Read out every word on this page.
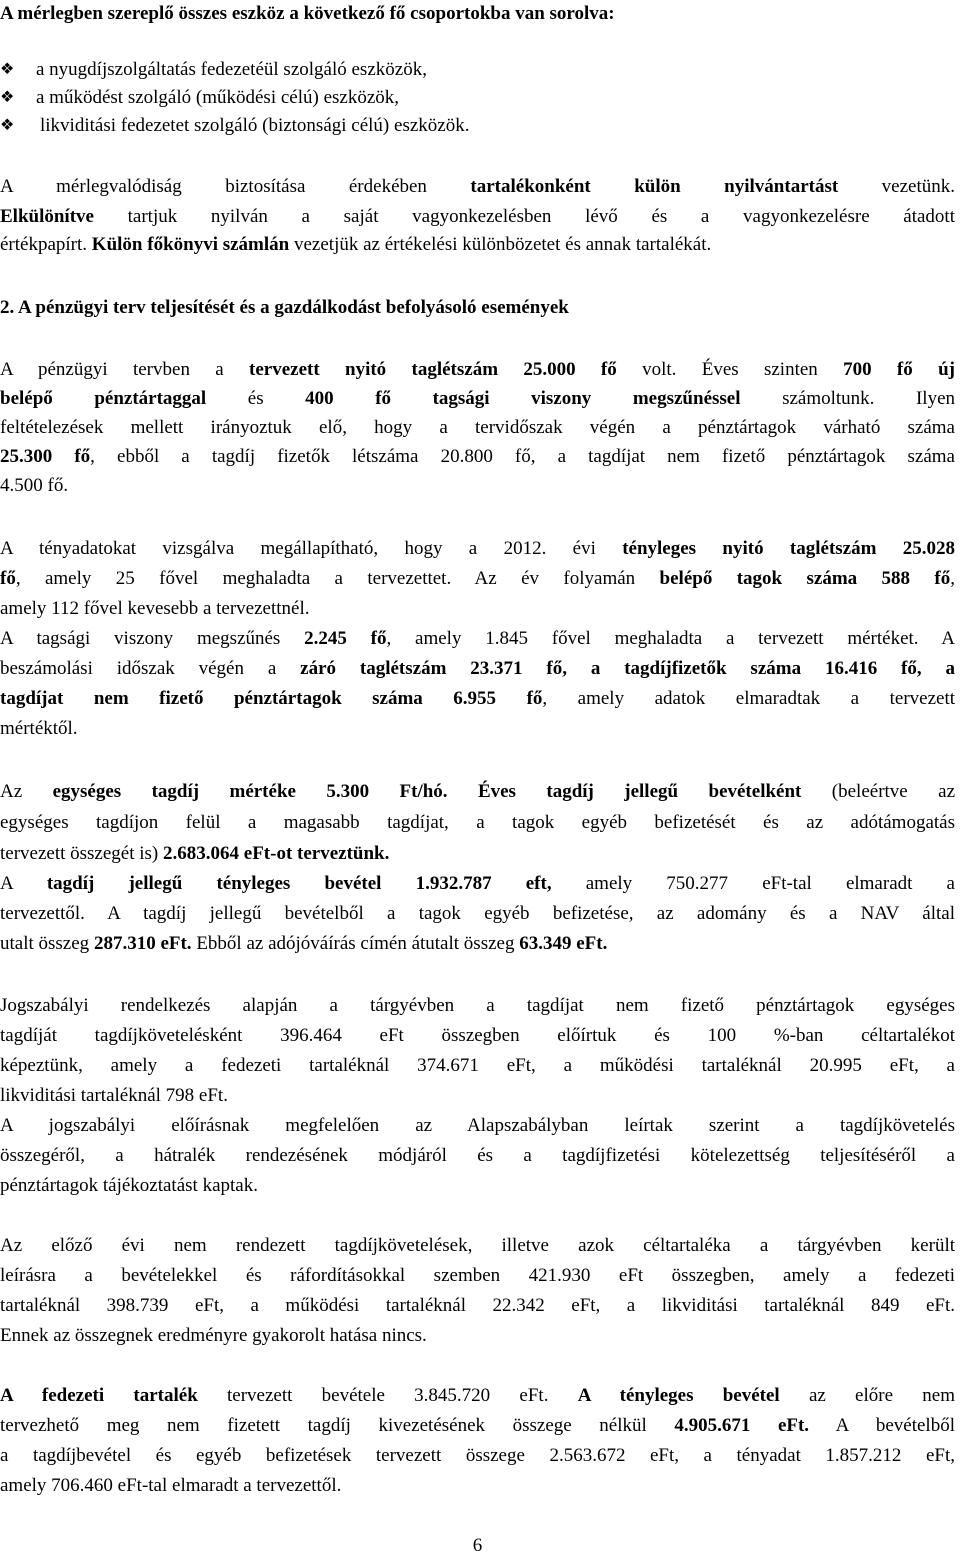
A mérlegben szereplő összes eszköz a következő fő csoportokba van sorolva:
❖ a nyugdíjszolgáltatás fedezetéül szolgáló eszközök,
❖ a működést szolgáló (működési célú) eszközök,
❖ likviditási fedezetet szolgáló (biztonsági célú) eszközök.
A mérlegvalódiság biztosítása érdekében tartalékonként külön nyilvántartást vezetünk.
Elkülönítve tartjuk nyilván a saját vagyonkezelésben lévő és a vagyonkezelésre átadott
értékpapírt. Külön főkönyvi számlán vezetjük az értékelési különbözetet és annak tartalékát.
2. A pénzügyi terv teljesítését és a gazdálkodást befolyásoló események
A pénzügyi tervben a tervezett nyitó taglétszám 25.000 fő volt. Éves szinten 700 fő új
belépő pénztártaggal és 400 fő tagsági viszony megszűnéssel számoltunk. Ilyen
feltételezések mellett irányoztuk elő, hogy a tervidőszak végén a pénztártagok várható száma
25.300 fő, ebből a tagdíj fizetők létszáma 20.800 fő, a tagdíjat nem fizető pénztártagok száma
4.500 fő.
A tényadatokat vizsgálva megállapítható, hogy a 2012. évi tényleges nyitó taglétszám 25.028
fő, amely 25 fővel meghaladta a tervezettet. Az év folyamán belépő tagok száma 588 fő,
amely 112 fővel kevesebb a tervezettnél.
A tagsági viszony megszűnés 2.245 fő, amely 1.845 fővel meghaladta a tervezett mértéket. A
beszámolási időszak végén a záró taglétszám 23.371 fő, a tagdíjfizetők száma 16.416 fő, a
tagdíjat nem fizető pénztártagok száma 6.955 fő, amely adatok elmaradtak a tervezett
mértéktől.
Az egységes tagdíj mértéke 5.300 Ft/hó. Éves tagdíj jellegű bevételként (beleértve az
egységes tagdíjon felül a magasabb tagdíjat, a tagok egyéb befizetését és az adótámogatás
tervezett összegét is) 2.683.064 eFt-ot terveztünk.
A tagdíj jellegű tényleges bevétel 1.932.787 eft, amely 750.277 eFt-tal elmaradt a
tervezettől. A tagdíj jellegű bevételből a tagok egyéb befizetése, az adomány és a NAV által
utalt összeg 287.310 eFt. Ebből az adójóváírás címén átutalt összeg 63.349 eFt.
Jogszabályi rendelkezés alapján a tárgyévben a tagdíjat nem fizető pénztártagok egységes
tagdíját tagdíjkövetelésként 396.464 eFt összegben előírtuk és 100 %-ban céltartalékot
képeztünk, amely a fedezeti tartaléknál 374.671 eFt, a működési tartaléknál 20.995 eFt, a
likviditási tartaléknál 798 eFt.
A jogszabályi előírásnak megfelelően az Alapszabályban leírtak szerint a tagdíjkövetelés
összegéről, a hátralék rendezésének módjáról és a tagdíjfizetési kötelezettség teljesítéséről a
pénztártagok tájékoztatást kaptak.
Az előző évi nem rendezett tagdíjkövetelések, illetve azok céltartaléka a tárgyévben került
leírásra a bevételekkel és ráfordításokkal szemben 421.930 eFt összegben, amely a fedezeti
tartaléknál 398.739 eFt, a működési tartaléknál 22.342 eFt, a likviditási tartaléknál 849 eFt.
Ennek az összegnek eredményre gyakorolt hatása nincs.
A fedezeti tartalék tervezett bevétele 3.845.720 eFt. A tényleges bevétel az előre nem
tervezhető meg nem fizetett tagdíj kivezetésének összege nélkül 4.905.671 eFt. A bevételből
a tagdíjbevétel és egyéb befizetések tervezett összege 2.563.672 eFt, a tényadat 1.857.212 eFt,
amely 706.460 eFt-tal elmaradt a tervezettől.
6
